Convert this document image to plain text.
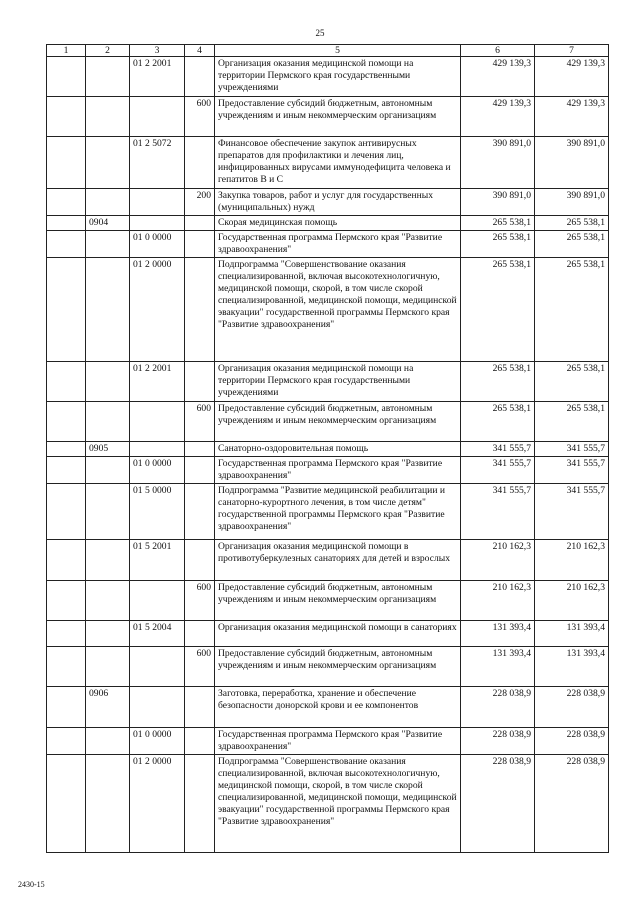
25
1	2	3	4	5	6	7
		01 2 2001		Организация оказания медицинской помощи на территории Пермского края государственными учреждениями	429 139,3	429 139,3
			600	Предоставление субсидий бюджетным, автономным учреждениям и иным некоммерческим организациям	429 139,3	429 139,3
		01 2 5072		Финансовое обеспечение закупок антивирусных препаратов для профилактики и лечения лиц, инфицированных вирусами иммунодефицита человека и гепатитов В и С	390 891,0	390 891,0
			200	Закупка товаров, работ и услуг для государственных (муниципальных) нужд	390 891,0	390 891,0
	0904			Скорая медицинская помощь	265 538,1	265 538,1
		01 0 0000		Государственная программа Пермского края "Развитие здравоохранения"	265 538,1	265 538,1
		01 2 0000		Подпрограмма "Совершенствование оказания специализированной, включая высокотехнологичную, медицинской помощи, скорой, в том числе скорой специализированной, медицинской помощи, медицинской эвакуации" государственной программы Пермского края "Развитие здравоохранения"	265 538,1	265 538,1
		01 2 2001		Организация оказания медицинской помощи на территории Пермского края государственными учреждениями	265 538,1	265 538,1
			600	Предоставление субсидий бюджетным, автономным учреждениям и иным некоммерческим организациям	265 538,1	265 538,1
	0905			Санаторно-оздоровительная помощь	341 555,7	341 555,7
		01 0 0000		Государственная программа Пермского края "Развитие здравоохранения"	341 555,7	341 555,7
		01 5 0000		Подпрограмма "Развитие медицинской реабилитации и санаторно-курортного лечения, в том числе детям" государственной программы Пермского края "Развитие здравоохранения"	341 555,7	341 555,7
		01 5 2001		Организация оказания медицинской помощи в противотуберкулезных санаториях для детей и взрослых	210 162,3	210 162,3
			600	Предоставление субсидий бюджетным, автономным учреждениям и иным некоммерческим организациям	210 162,3	210 162,3
		01 5 2004		Организация оказания медицинской помощи в санаториях	131 393,4	131 393,4
			600	Предоставление субсидий бюджетным, автономным учреждениям и иным некоммерческим организациям	131 393,4	131 393,4
	0906			Заготовка, переработка, хранение и обеспечение безопасности донорской крови и ее компонентов	228 038,9	228 038,9
		01 0 0000		Государственная программа Пермского края "Развитие здравоохранения"	228 038,9	228 038,9
		01 2 0000		Подпрограмма "Совершенствование оказания специализированной, включая высокотехнологичную, медицинской помощи, скорой, в том числе скорой специализированной, медицинской помощи, медицинской эвакуации" государственной программы Пермского края "Развитие здравоохранения"	228 038,9	228 038,9
2430-15
